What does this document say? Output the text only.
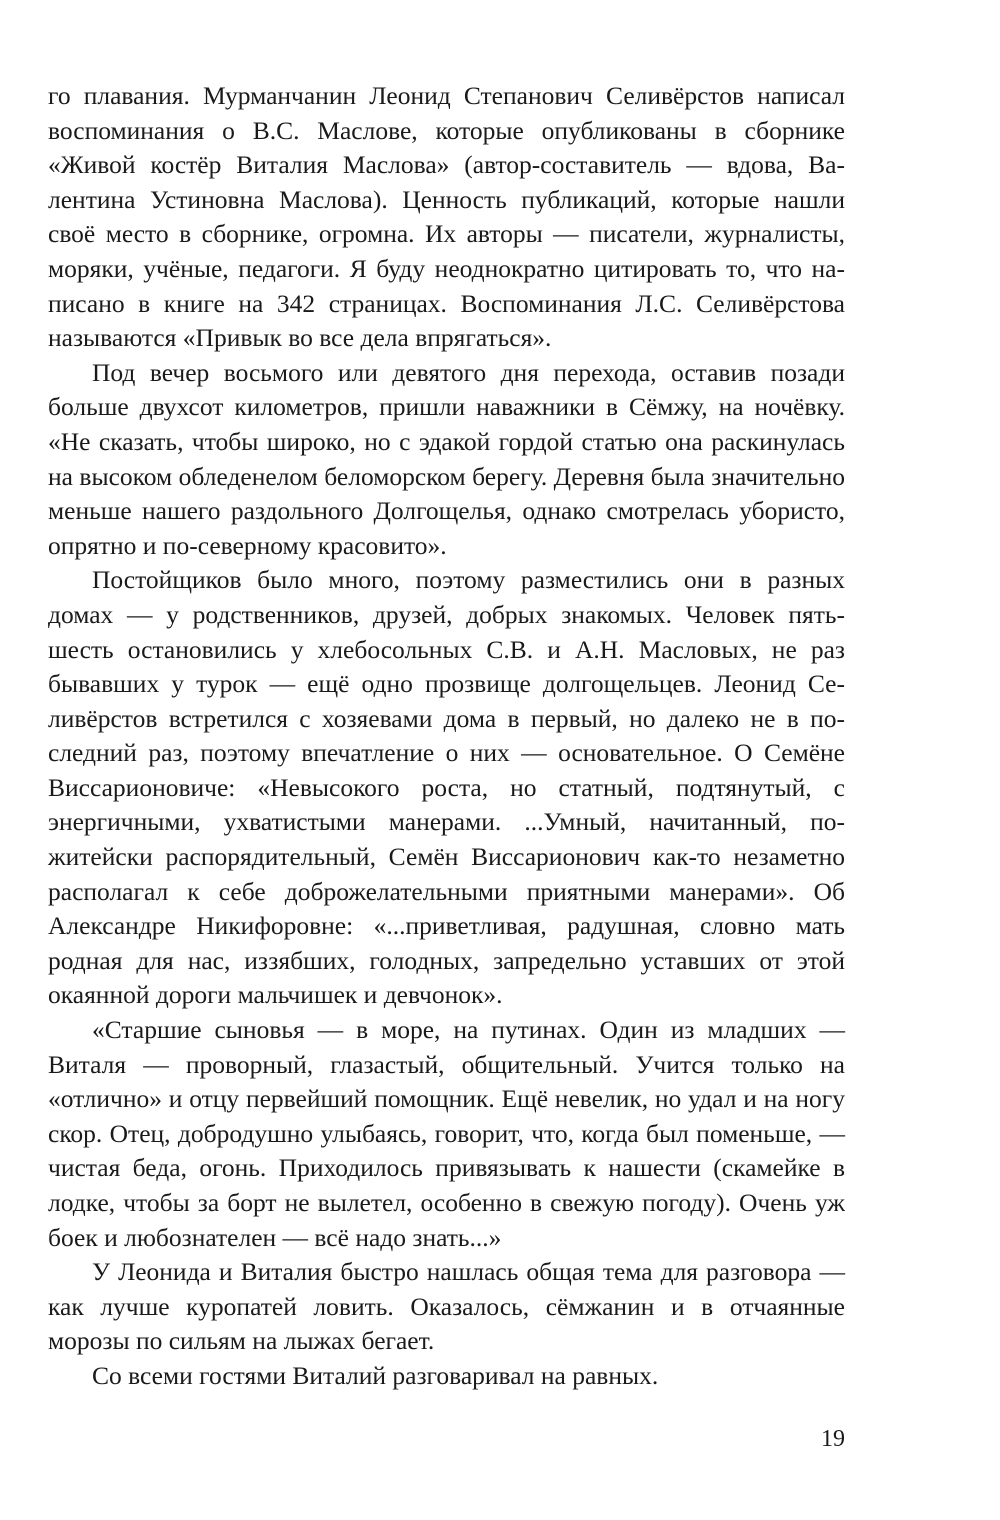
го плавания. Мурманчанин Леонид Степанович Селивёрстов написал воспоминания о В.С. Маслове, которые опубликованы в сборнике «Живой костёр Виталия Маслова» (автор-составитель — вдова, Валентина Устиновна Маслова). Ценность публикаций, которые нашли своё место в сборнике, огромна. Их авторы — писатели, журналисты, моряки, учёные, педагоги. Я буду неоднократно цитировать то, что написано в книге на 342 страницах. Воспоминания Л.С. Селивёрстова называются «Привык во все дела впрягаться».

Под вечер восьмого или девятого дня перехода, оставив позади больше двухсот километров, пришли наважники в Сёмжу, на ночёвку. «Не сказать, чтобы широко, но с эдакой гордой статью она раскинулась на высоком обледенелом беломорском берегу. Деревня была значительно меньше нашего раздольного Долгощелья, однако смотрелась убористо, опрятно и по-северному красовито».

Постойщиков было много, поэтому разместились они в разных домах — у родственников, друзей, добрых знакомых. Человек пять-шесть остановились у хлебосольных С.В. и А.Н. Масловых, не раз бывавших у турок — ещё одно прозвище долгощельцев. Леонид Селивёрстов встретился с хозяевами дома в первый, но далеко не в последний раз, поэтому впечатление о них — основательное. О Семёне Виссарионовиче: «Невысокого роста, но статный, подтянутый, с энергичными, ухватистыми манерами. ...Умный, начитанный, пожитейски распорядительный, Семён Виссарионович как-то незаметно располагал к себе доброжелательными приятными манерами». Об Александре Никифоровне: «...приветливая, радушная, словно мать родная для нас, иззябших, голодных, запредельно уставших от этой окаянной дороги мальчишек и девчонок».

«Старшие сыновья — в море, на путинах. Один из младших — Виталя — проворный, глазастый, общительный. Учится только на «отлично» и отцу первейший помощник. Ещё невелик, но удал и на ногу скор. Отец, добродушно улыбаясь, говорит, что, когда был поменьше, — чистая беда, огонь. Приходилось привязывать к нашести (скамейке в лодке, чтобы за борт не вылетел, особенно в свежую погоду). Очень уж боек и любознателен — всё надо знать...»

У Леонида и Виталия быстро нашлась общая тема для разговора — как лучше куропатей ловить. Оказалось, сёмжанин и в отчаянные морозы по сильям на лыжах бегает.

Со всеми гостями Виталий разговаривал на равных.

19
